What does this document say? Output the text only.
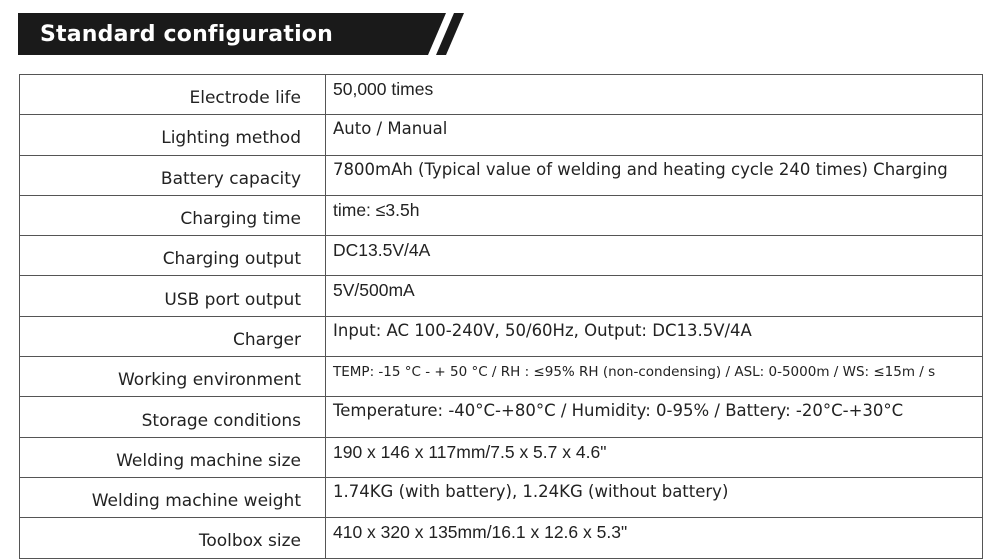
Standard configuration
Electrode life	50,000 times
Lighting method	Auto / Manual
Battery capacity	7800mAh (Typical value of welding and heating cycle 240 times) Charging
Charging time	time: ≤3.5h
Charging output	DC13.5V/4A
USB port output	5V/500mA
Charger	Input: AC 100-240V, 50/60Hz, Output: DC13.5V/4A
Working environment	TEMP: -15 °C - + 50 °C / RH : ≤95% RH (non-condensing) / ASL: 0-5000m / WS: ≤15m / s
Storage conditions	Temperature: -40°C-+80°C / Humidity: 0-95% / Battery: -20°C-+30°C
Welding machine size	190 x 146 x 117mm/7.5 x 5.7 x 4.6"
Welding machine weight	1.74KG (with battery), 1.24KG (without battery)
Toolbox size	410 x 320 x 135mm/16.1 x 12.6 x 5.3"
